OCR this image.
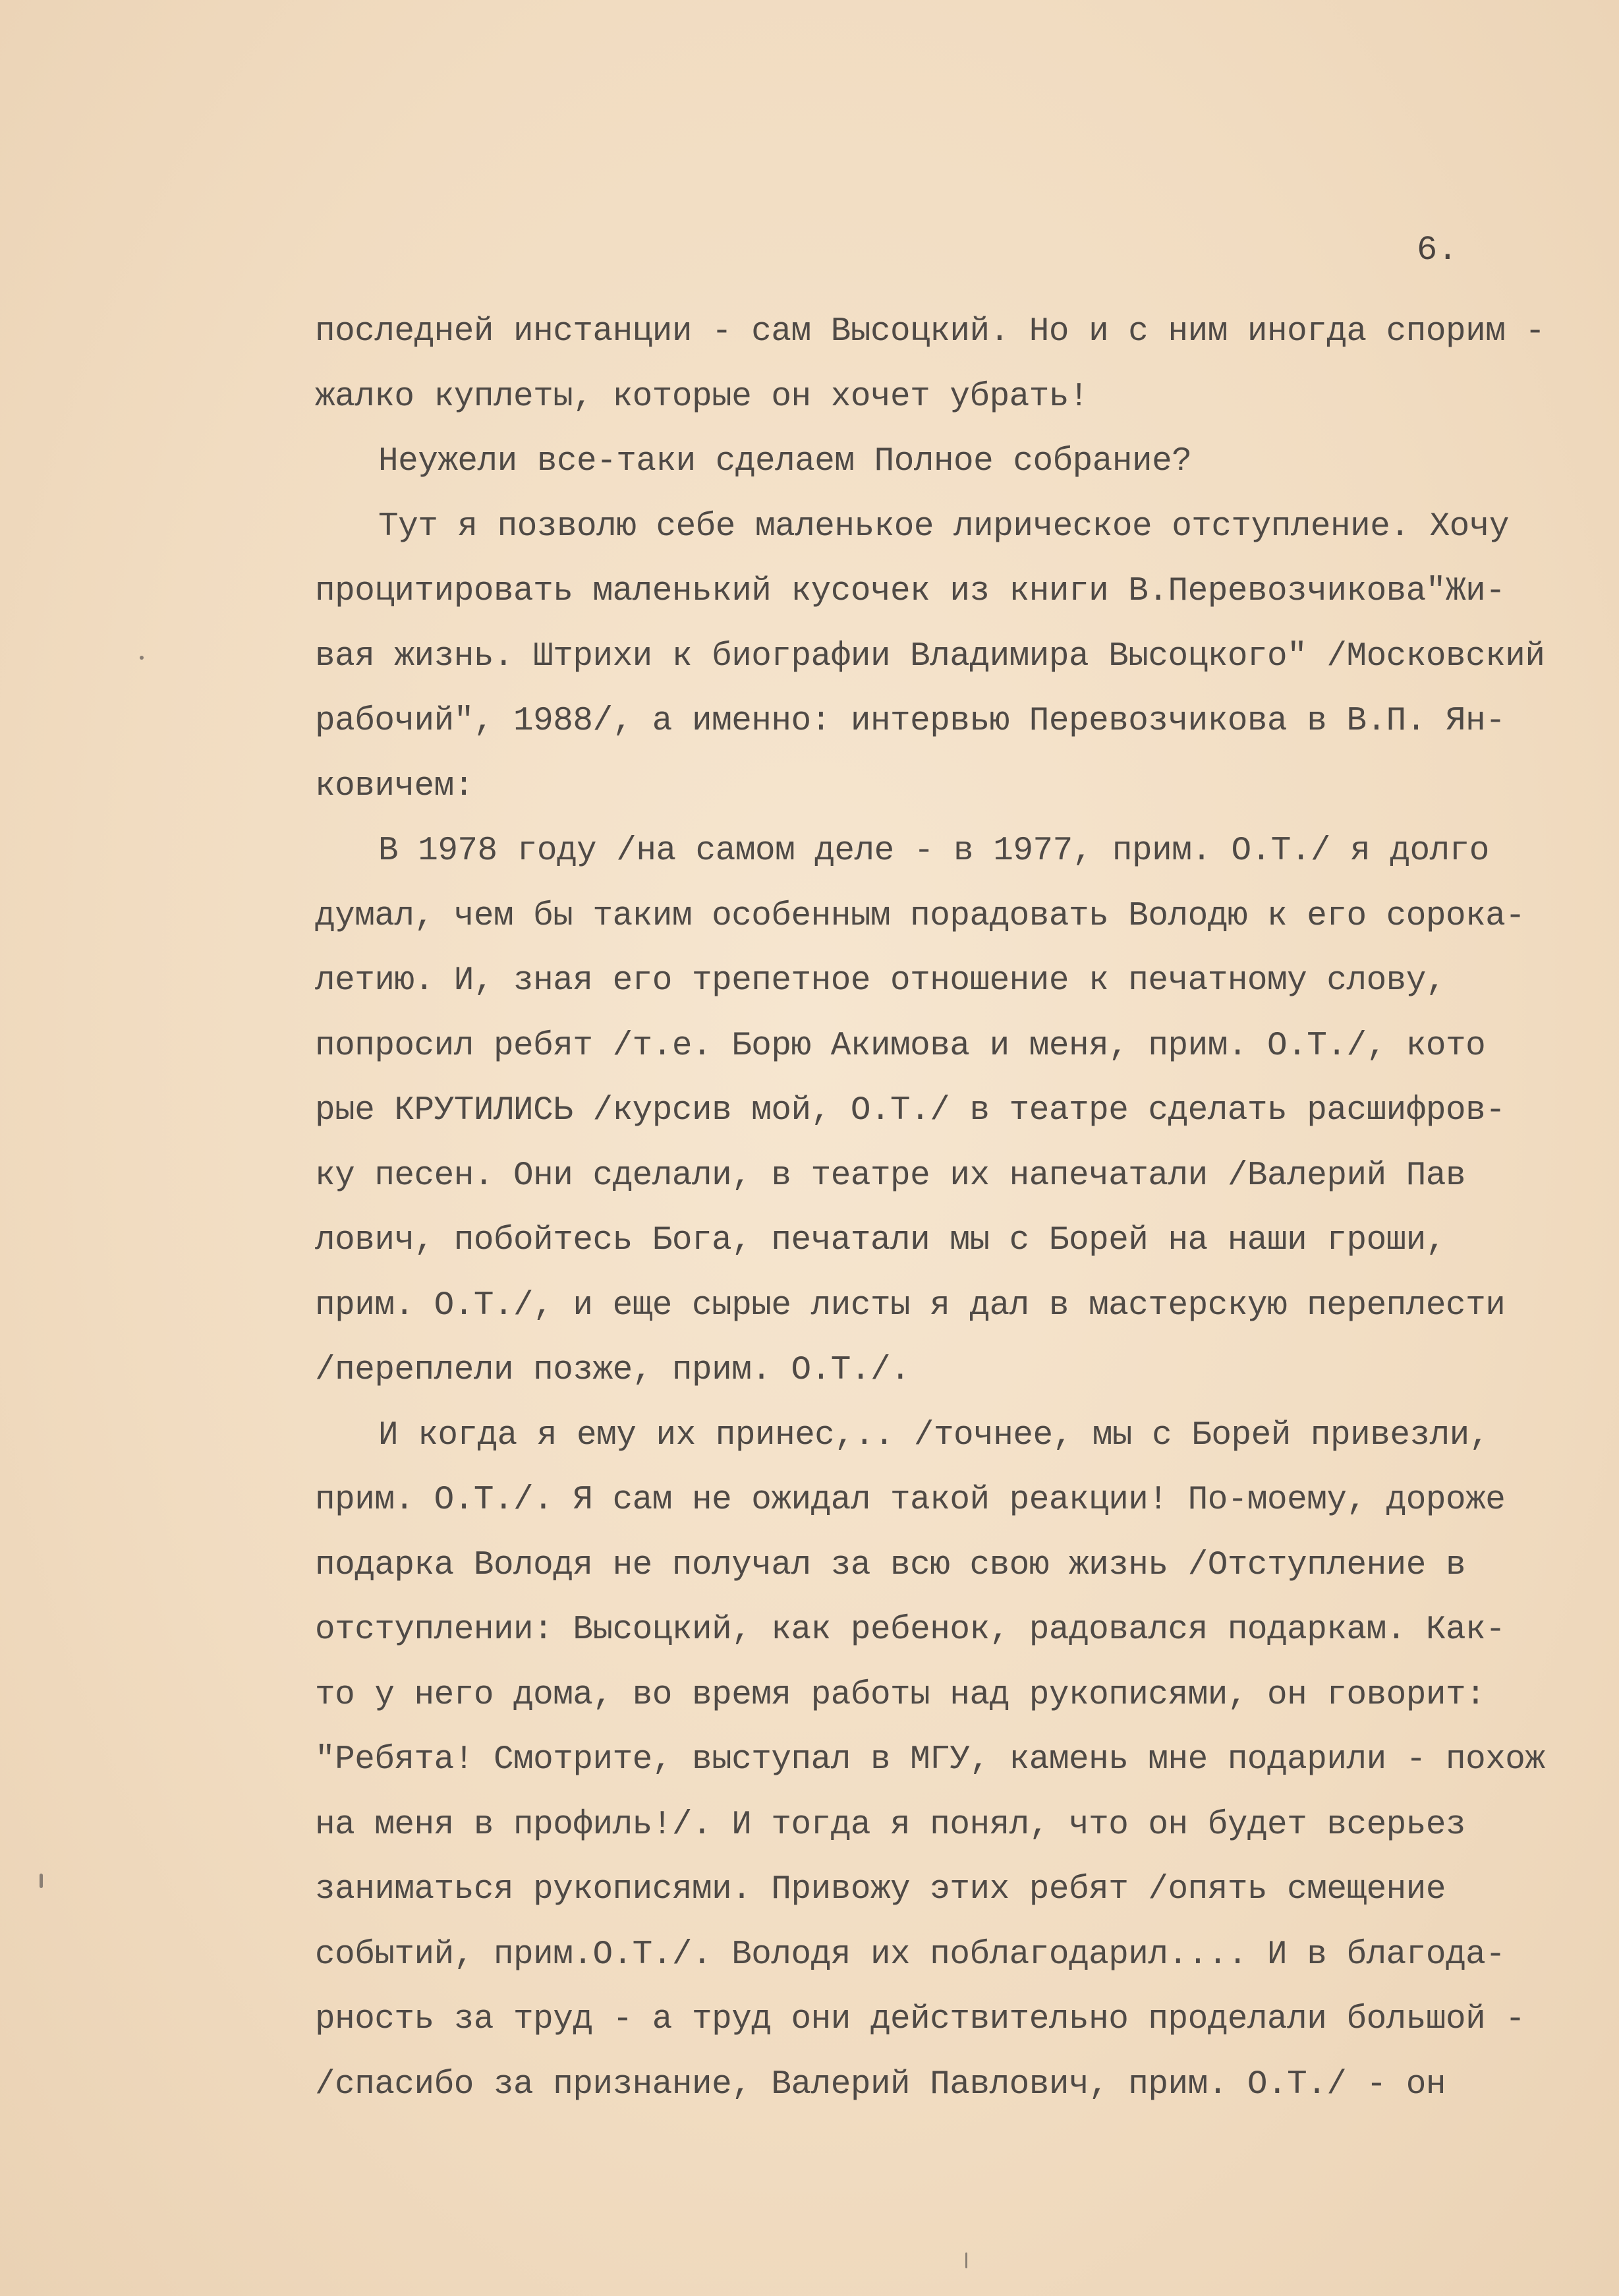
6.
последней инстанции - сам Высоцкий. Но и с ним иногда спорим -
жалко куплеты, которые он хочет убрать!
Неужели все-таки сделаем Полное собрание?
Тут я позволю себе маленькое лирическое отступление. Хочу
процитировать маленький кусочек из книги В.Перевозчикова"Жи-
вая жизнь. Штрихи к биографии Владимира Высоцкого" /Московский
рабочий", 1988/, а именно: интервью Перевозчикова в В.П. Ян-
ковичем:
В 1978 году /на самом деле - в 1977, прим. О.Т./ я долго
думал, чем бы таким особенным порадовать Володю к его сорока-
летию. И, зная его трепетное отношение к печатному слову,
попросил ребят /т.е. Борю Акимова и меня, прим. О.Т./, кото
рые КРУТИЛИСЬ /курсив мой, О.Т./ в театре сделать расшифров-
ку песен. Они сделали, в театре их напечатали /Валерий Пав
лович, побойтесь Бога, печатали мы с Борей на наши гроши,
прим. О.Т./, и еще сырые листы я дал в мастерскую переплести
/переплели позже, прим. О.Т./.
И когда я ему их принес,.. /точнее, мы с Борей привезли,
прим. О.Т./. Я сам не ожидал такой реакции! По-моему, дороже
подарка Володя не получал за всю свою жизнь /Отступление в
отступлении: Высоцкий, как ребенок, радовался подаркам. Как-
то у него дома, во время работы над рукописями, он говорит:
"Ребята! Смотрите, выступал в МГУ, камень мне подарили - похож
на меня в профиль!/. И тогда я понял, что он будет всерьез
заниматься рукописями. Привожу этих ребят /опять смещение
событий, прим.О.Т./. Володя их поблагодарил.... И в благода-
рность за труд - а труд они действительно проделали большой -
/спасибо за признание, Валерий Павлович, прим. О.Т./ - он
